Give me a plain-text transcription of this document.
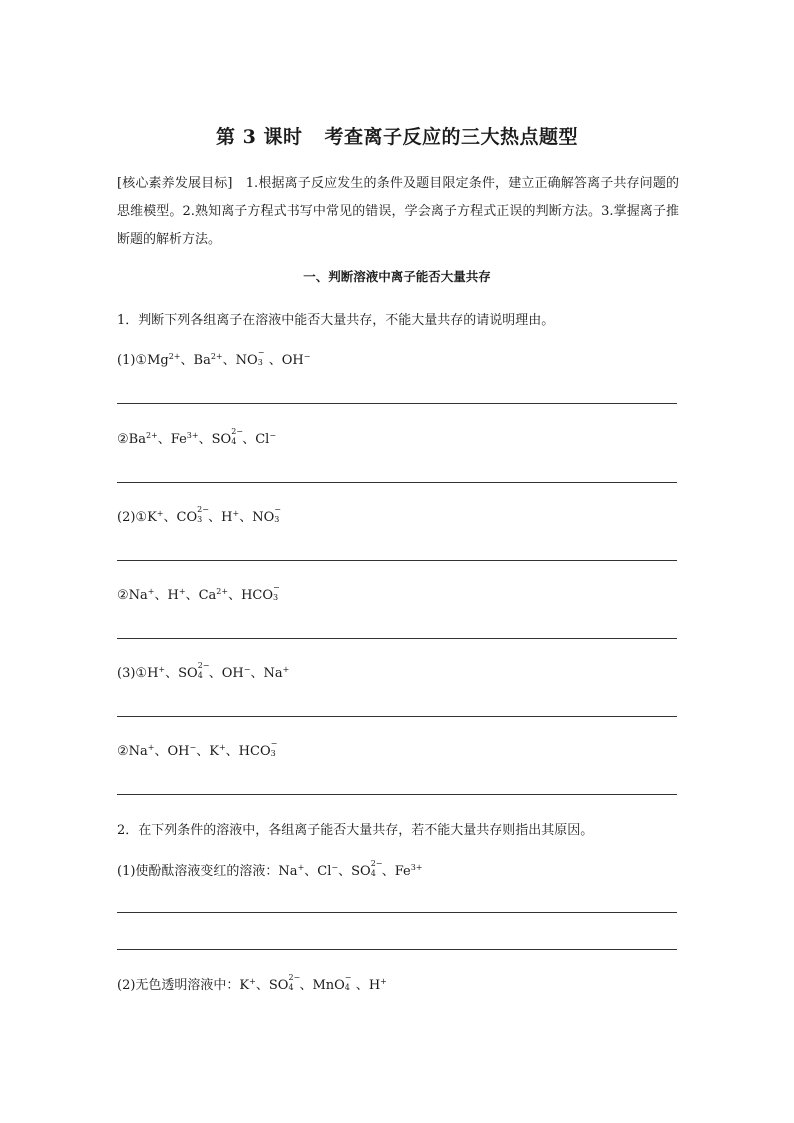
第 3 课时 考查离子反应的三大热点题型
[核心素养发展目标]　1.根据离子反应发生的条件及题目限定条件，建立正确解答离子共存问题的思维模型。2.熟知离子方程式书写中常见的错误，学会离子方程式正误的判断方法。3.掌握离子推断题的解析方法。
一、判断溶液中离子能否大量共存
1．判断下列各组离子在溶液中能否大量共存，不能大量共存的请说明理由。
$(1)①Mg^{2+}$、$Ba^{2+}$、NO
−
3 、OH−
$②Ba^{2+}$、$Fe^{3+}$、SO
2−
4 、Cl−
(2)①K+、CO
2−
3 、H+、NO
−
3
②Na+、H+、$Ca^{2+}$、HCO
−
3
(3)①H+、SO
2−
4 、OH−、Na+
②Na+、OH−、K+、HCO
−
3
2．在下列条件的溶液中，各组离子能否大量共存，若不能大量共存则指出其原因。
(1)使酚酞溶液变红的溶液：Na+、Cl−、SO
2−
4 、$Fe^{3+}$
(2)无色透明溶液中：K+、SO
2−
4 、MnO
−
4 、H+
